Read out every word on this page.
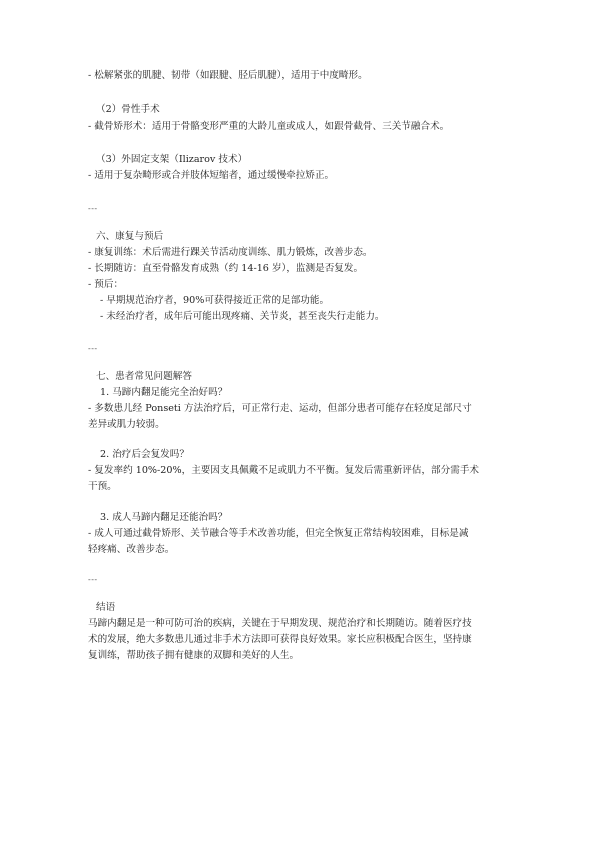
- 松解紧张的肌腱、韧带（如跟腱、胫后肌腱），适用于中度畸形。
（2）骨性手术
- 截骨矫形术：适用于骨骼变形严重的大龄儿童或成人，如跟骨截骨、三关节融合术。
（3）外固定支架（Ilizarov 技术）
- 适用于复杂畸形或合并肢体短缩者，通过缓慢牵拉矫正。
---
六、康复与预后
- 康复训练：术后需进行踝关节活动度训练、肌力锻炼，改善步态。
- 长期随访：直至骨骼发育成熟（约 14-16 岁），监测是否复发。
- 预后：
- 早期规范治疗者，90%可获得接近正常的足部功能。
- 未经治疗者，成年后可能出现疼痛、关节炎，甚至丧失行走能力。
---
七、患者常见问题解答
1. 马蹄内翻足能完全治好吗？
- 多数患儿经 Ponseti 方法治疗后，可正常行走、运动，但部分患者可能存在轻度足部尺寸
差异或肌力较弱。
2. 治疗后会复发吗？
- 复发率约 10%-20%，主要因支具佩戴不足或肌力不平衡。复发后需重新评估，部分需手术
干预。
3. 成人马蹄内翻足还能治吗？
- 成人可通过截骨矫形、关节融合等手术改善功能，但完全恢复正常结构较困难，目标是减
轻疼痛、改善步态。
---
结语
马蹄内翻足是一种可防可治的疾病，关键在于早期发现、规范治疗和长期随访。随着医疗技
术的发展，绝大多数患儿通过非手术方法即可获得良好效果。家长应积极配合医生，坚持康
复训练，帮助孩子拥有健康的双脚和美好的人生。
